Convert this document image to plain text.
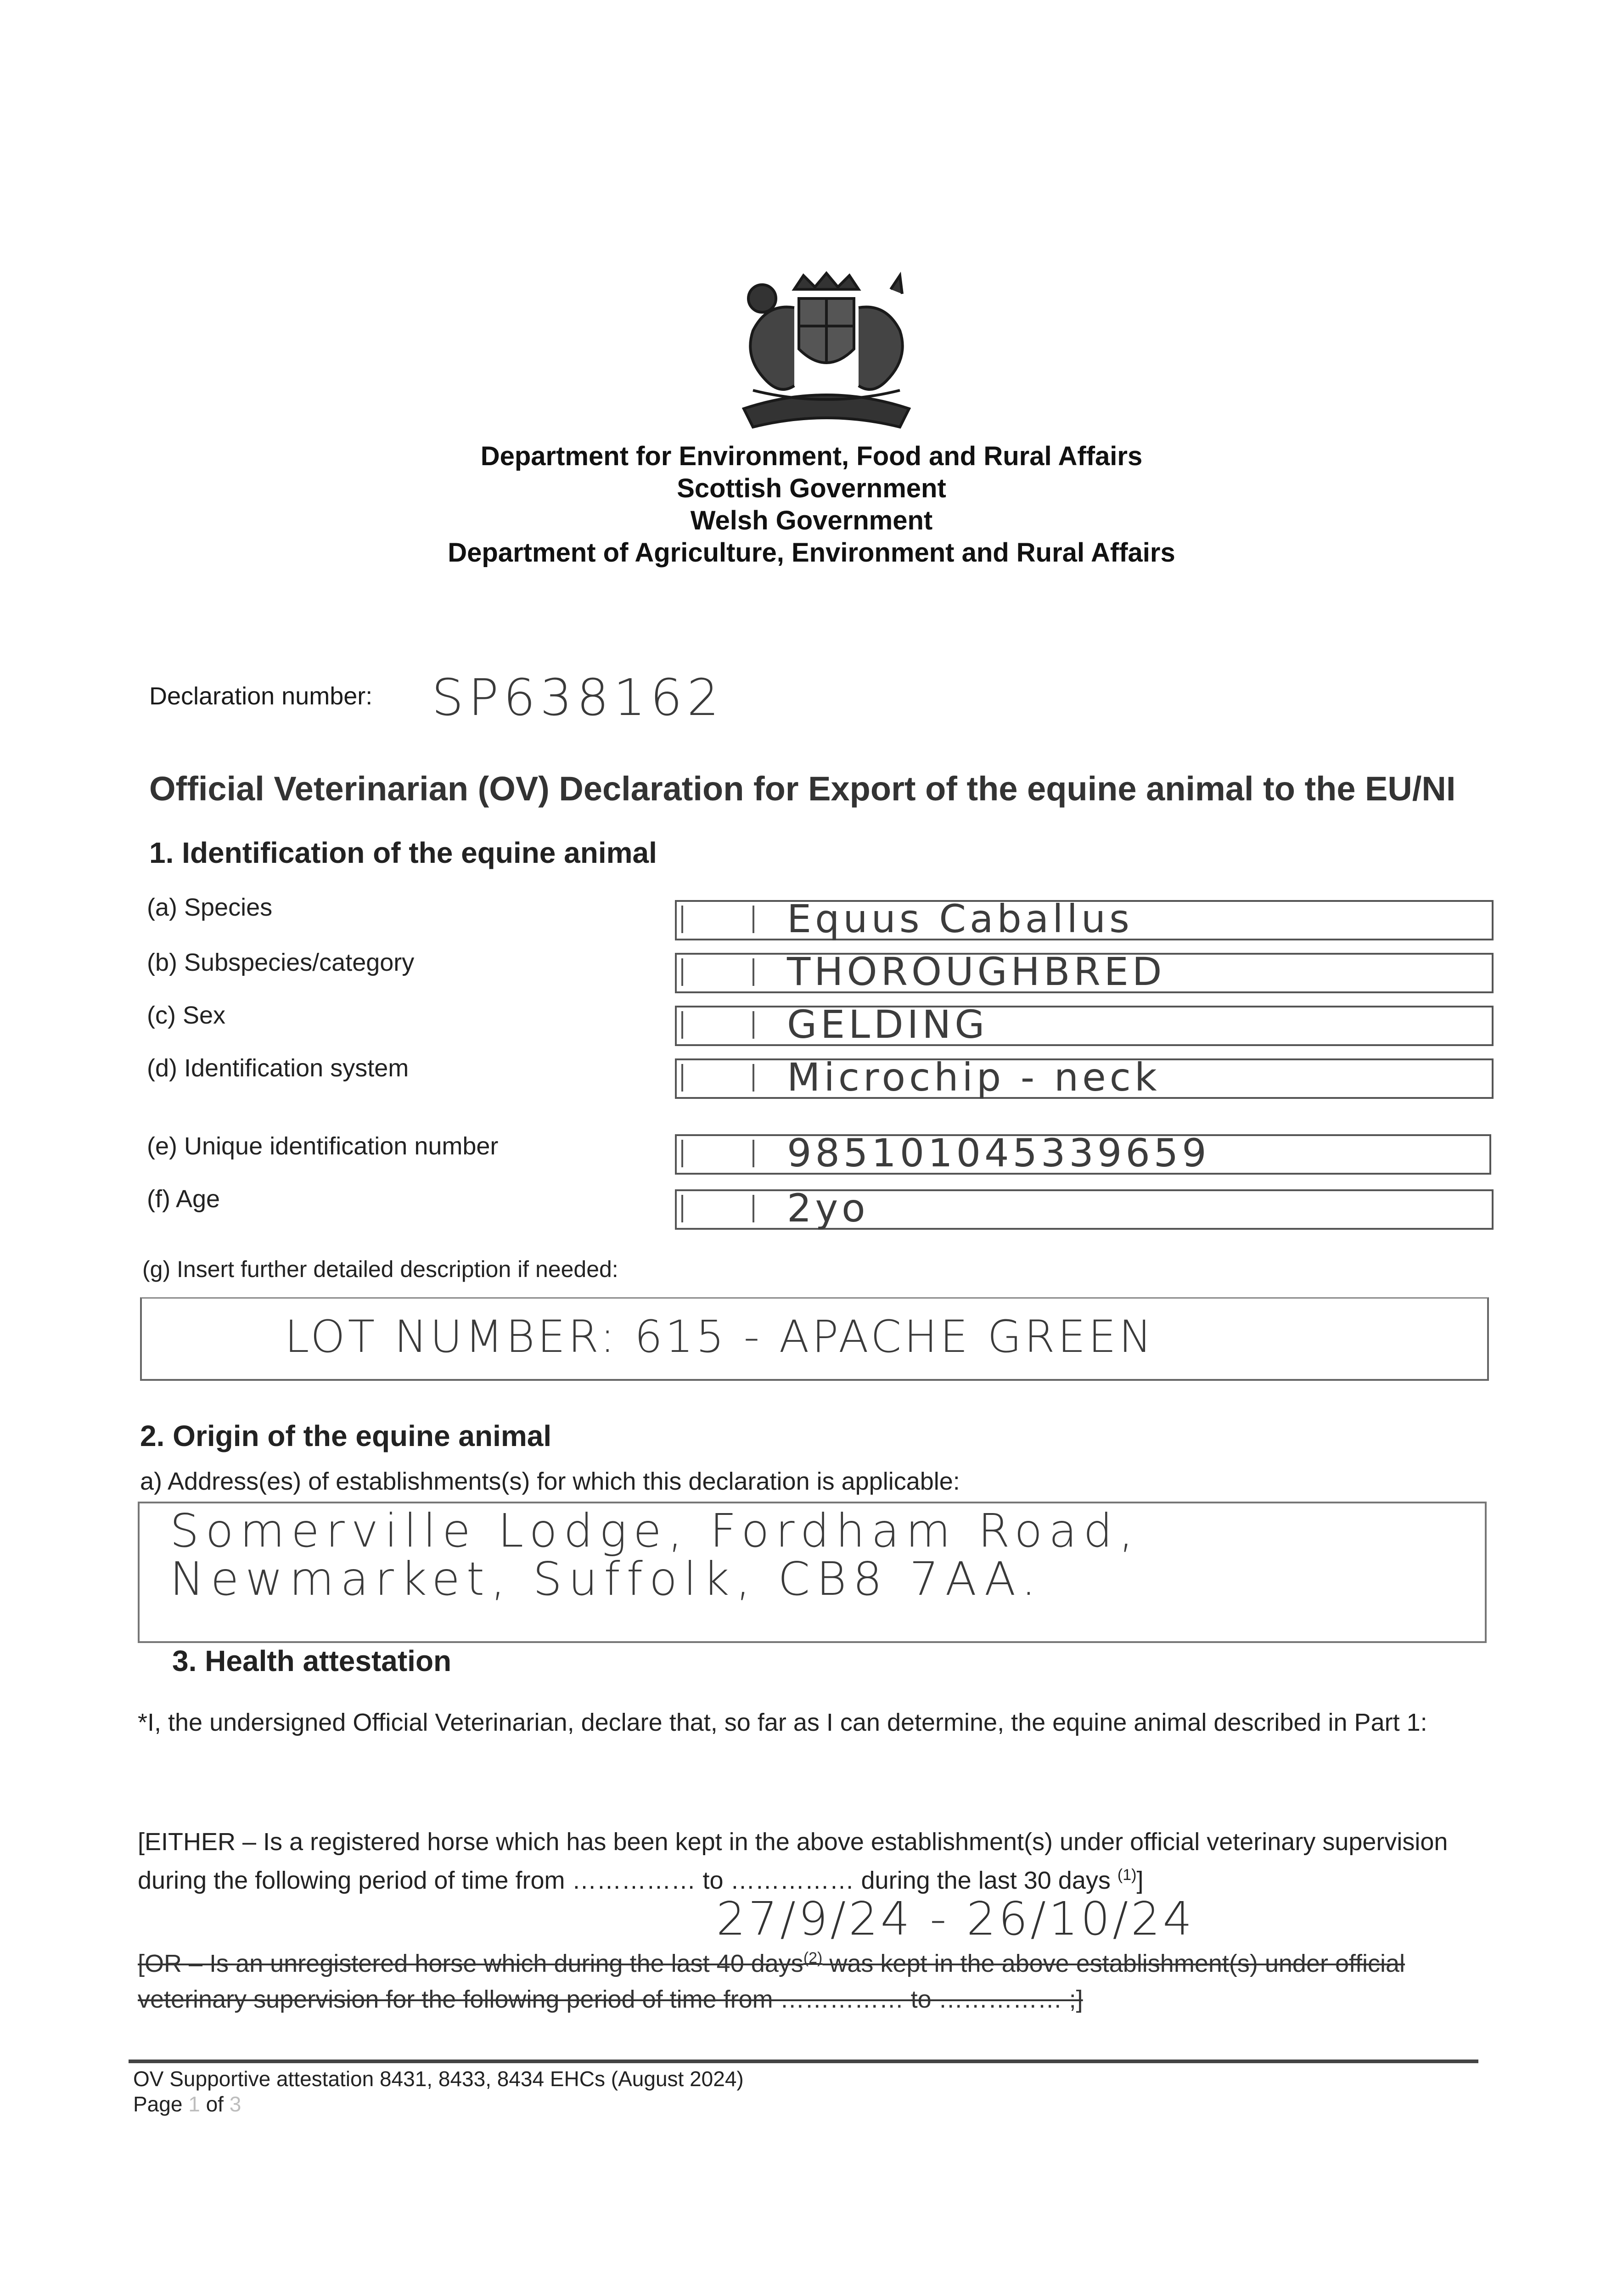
Department for Environment, Food and Rural Affairs
Scottish Government
Welsh Government
Department of Agriculture, Environment and Rural Affairs
Declaration number: SP638162
Official Veterinarian (OV) Declaration for Export of the equine animal to the EU/NI
1. Identification of the equine animal
(a) Species	Equus Caballus
(b) Subspecies/category	THOROUGHBRED
(c) Sex	GELDING
(d) Identification system	Microchip - neck
(e) Unique identification number	985101045339659
(f) Age	2yo
(g) Insert further detailed description if needed:
LOT NUMBER: 615 - APACHE GREEN
2. Origin of the equine animal
a) Address(es) of establishments(s) for which this declaration is applicable:
Somerville Lodge, Fordham Road,
Newmarket, Suffolk, CB8 7AA.
3. Health attestation
*I, the undersigned Official Veterinarian, declare that, so far as I can determine, the equine animal described in Part 1:
[EITHER – Is a registered horse which has been kept in the above establishment(s) under official veterinary supervision during the following period of time from …………… to …………… during the last 30 days $^{(1)}$]
27/9/24 - 26/10/24
[OR – Is an unregistered horse which during the last 40 days$^{(2)}$ was kept in the above establishment(s) under official veterinary supervision for the following period of time from …………… to …………… ;]
OV Supportive attestation 8431, 8433, 8434 EHCs (August 2024)
Page 1 of 3
